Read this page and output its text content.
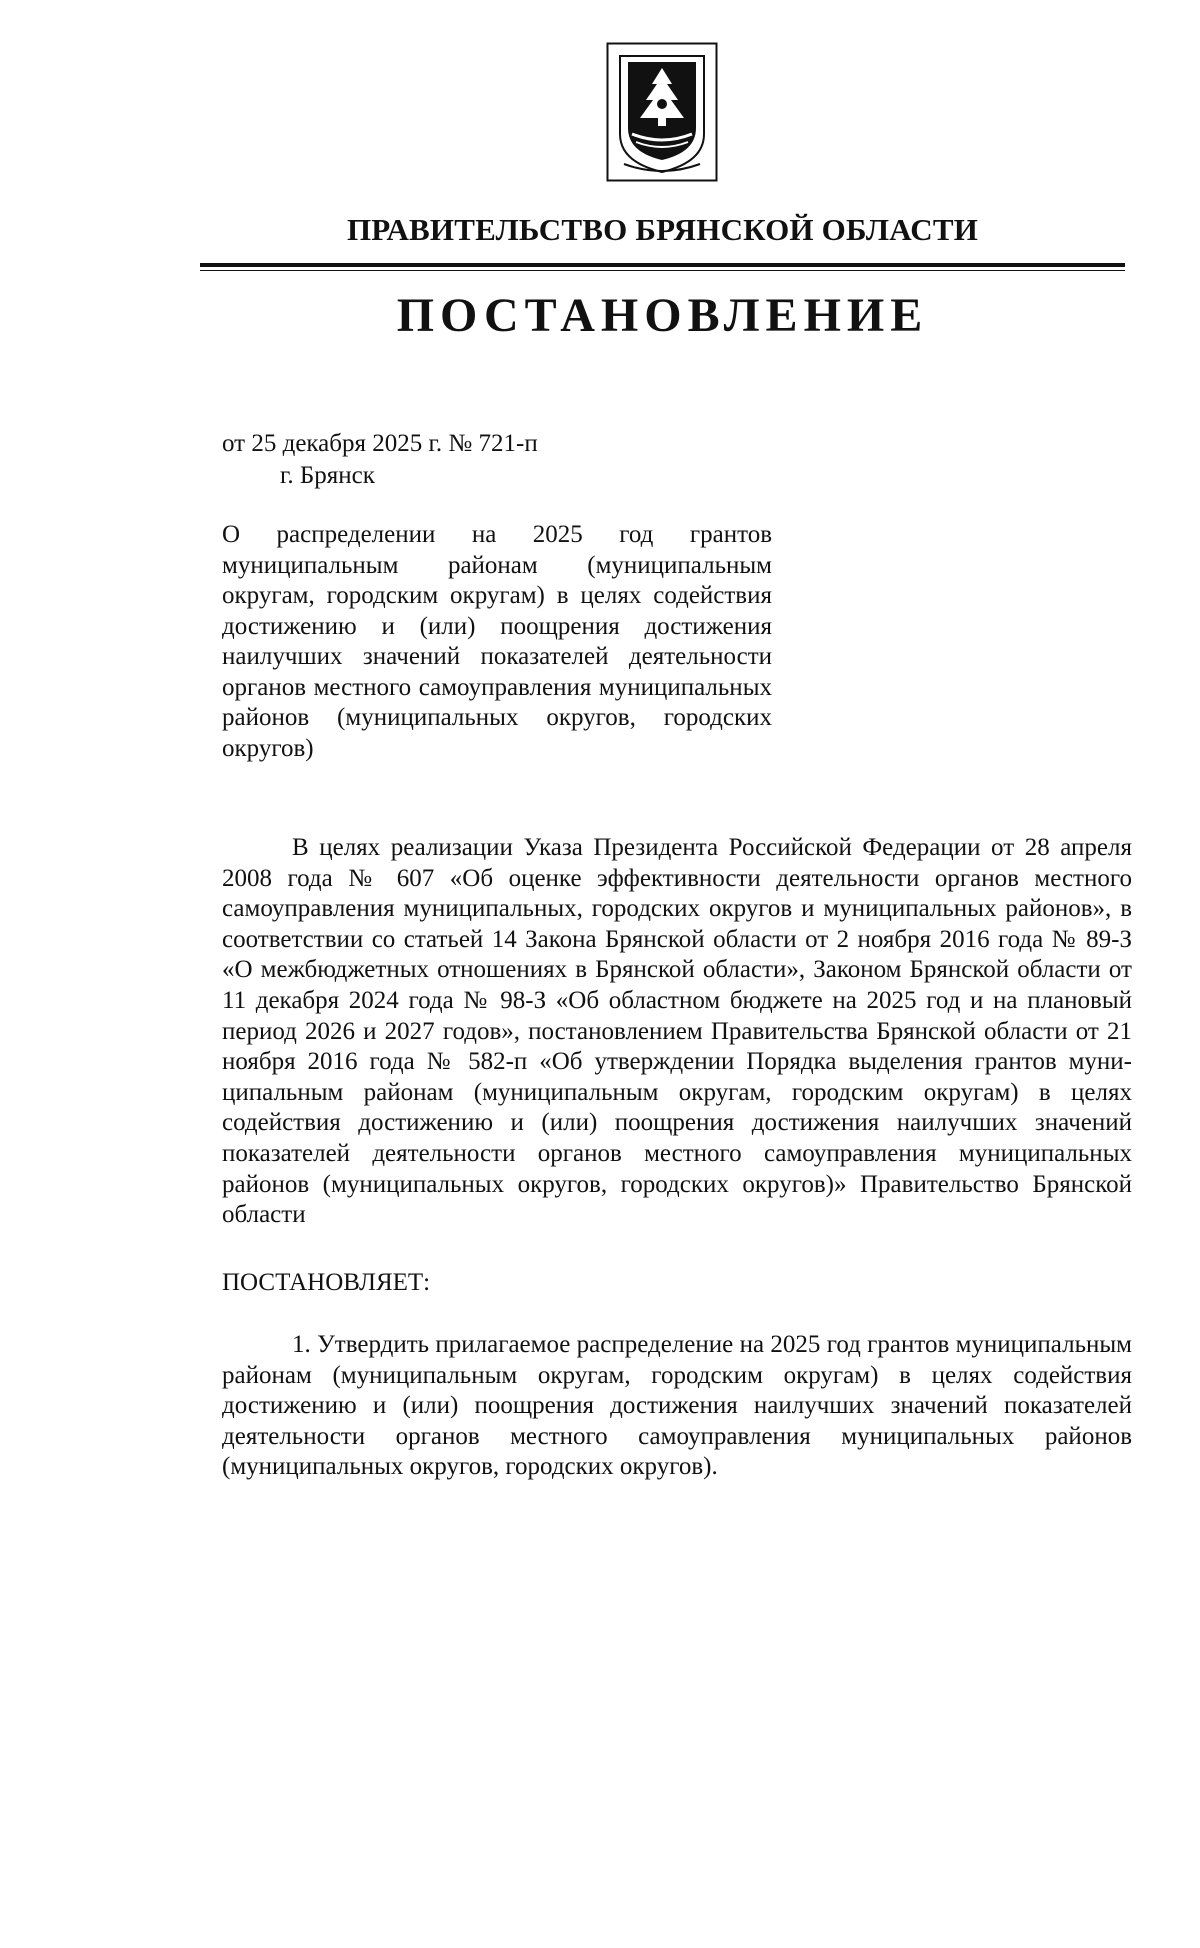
ПРАВИТЕЛЬСТВО БРЯНСКОЙ ОБЛАСТИ
ПОСТАНОВЛЕНИЕ
от 25 декабря 2025 г. № 721-п
г. Брянск
О распределении на 2025 год грантов муниципальным районам (муниципальным округам, городским округам) в целях содействия достижению и (или) поощрения достижения наилучших значений показателей деятельности органов местного самоуправления муниципальных районов (муниципальных округов, городских округов)
В целях реализации Указа Президента Российской Федерации от 28 апреля 2008 года № 607 «Об оценке эффективности деятельности органов местного самоуправления муниципальных, городских округов и муниципальных районов», в соответствии со статьей 14 Закона Брянской области от 2 ноября 2016 года № 89-З «О межбюджетных отношениях в Брянской области», Законом Брянской области от 11 декабря 2024 года № 98-З «Об областном бюджете на 2025 год и на плановый период 2026 и 2027 годов», постановлением Правительства Брянской области от 21 ноября 2016 года № 582-п «Об утверждении Порядка выделения грантов муниципальным районам (муниципальным округам, городским округам) в целях содействия достижению и (или) поощрения достижения наилучших значений показателей деятельности органов местного самоуправления муниципальных районов (муниципальных округов, городских округов)» Правительство Брянской области
ПОСТАНОВЛЯЕТ:
1. Утвердить прилагаемое распределение на 2025 год грантов муниципальным районам (муниципальным округам, городским округам) в целях содействия достижению и (или) поощрения достижения наилучших значений показателей деятельности органов местного самоуправления муниципальных районов (муниципальных округов, городских округов).
